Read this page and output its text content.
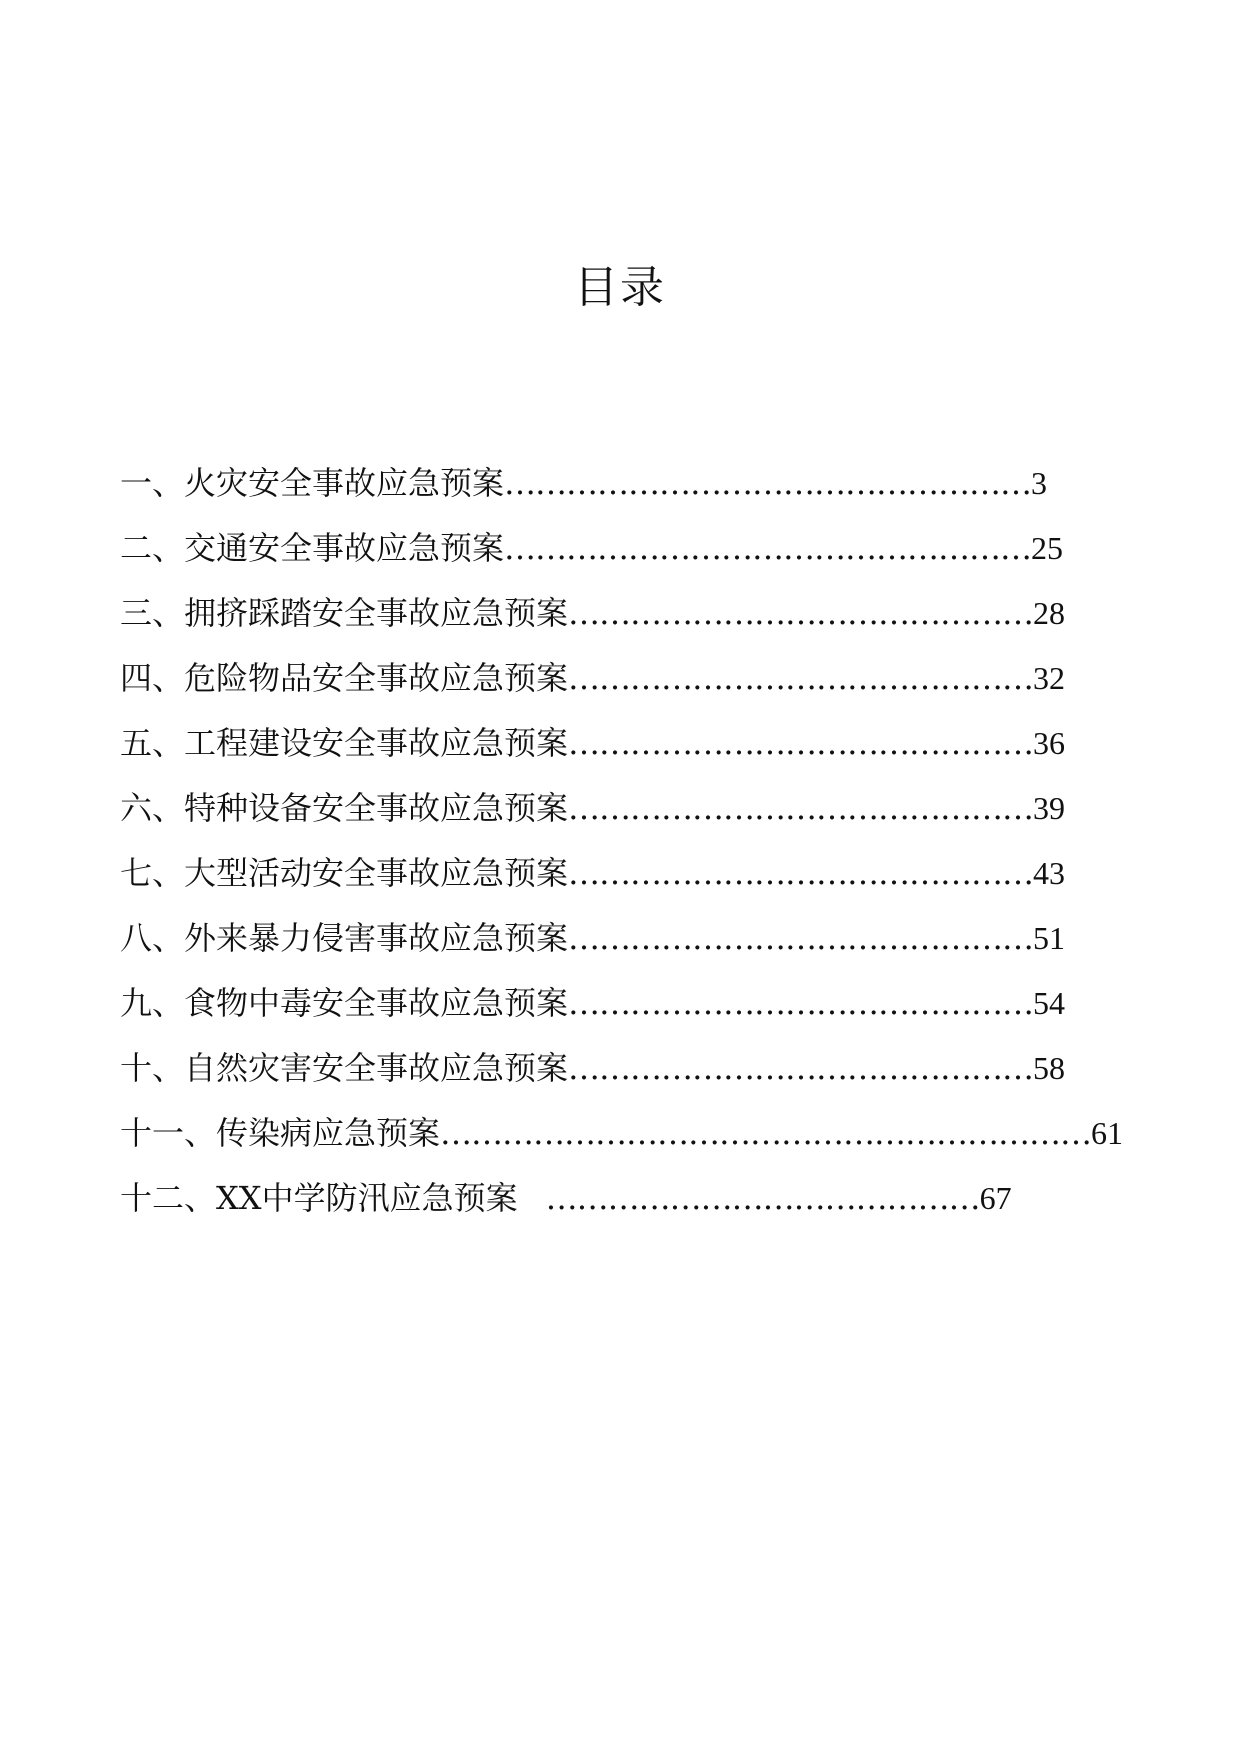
目录
一、火灾安全事故应急预案……………………………………………3
二、交通安全事故应急预案……………………………………………25
三、拥挤踩踏安全事故应急预案………………………………………28
四、危险物品安全事故应急预案………………………………………32
五、工程建设安全事故应急预案………………………………………36
六、特种设备安全事故应急预案………………………………………39
七、大型活动安全事故应急预案………………………………………43
八、外来暴力侵害事故应急预案………………………………………51
九、食物中毒安全事故应急预案………………………………………54
十、自然灾害安全事故应急预案………………………………………58
十一、传染病应急预案………………………………………………………61
十二、XX中学防汛应急预案 ……………………………………67
